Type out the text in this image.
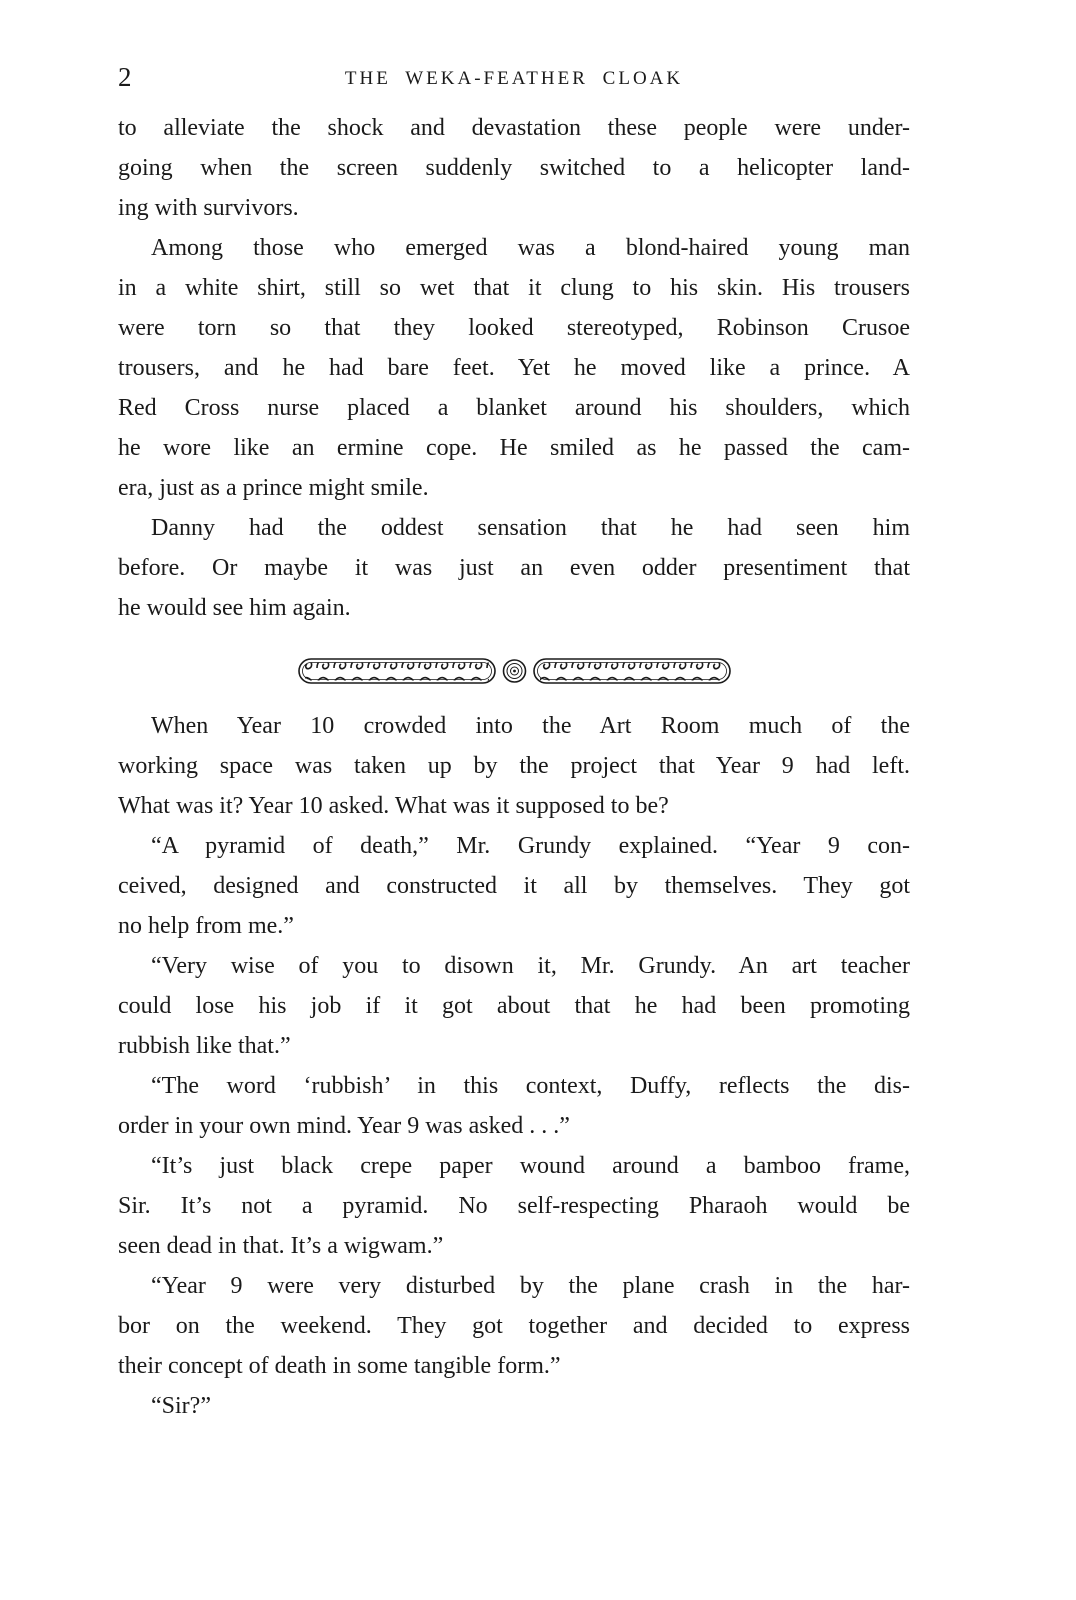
2	THE WEKA-FEATHER CLOAK
to alleviate the shock and devastation these people were under-
going when the screen suddenly switched to a helicopter land-
ing with survivors.
Among those who emerged was a blond-haired young man
in a white shirt, still so wet that it clung to his skin. His trousers
were torn so that they looked stereotyped, Robinson Crusoe
trousers, and he had bare feet. Yet he moved like a prince. A
Red Cross nurse placed a blanket around his shoulders, which
he wore like an ermine cope. He smiled as he passed the cam-
era, just as a prince might smile.
Danny had the oddest sensation that he had seen him
before. Or maybe it was just an even odder presentiment that
he would see him again.
When Year 10 crowded into the Art Room much of the
working space was taken up by the project that Year 9 had left.
What was it? Year 10 asked. What was it supposed to be?
“A pyramid of death,” Mr. Grundy explained. “Year 9 con-
ceived, designed and constructed it all by themselves. They got
no help from me.”
“Very wise of you to disown it, Mr. Grundy. An art teacher
could lose his job if it got about that he had been promoting
rubbish like that.”
“The word ‘rubbish’ in this context, Duffy, reflects the dis-
order in your own mind. Year 9 was asked . . .”
“It’s just black crepe paper wound around a bamboo frame,
Sir. It’s not a pyramid. No self-respecting Pharaoh would be
seen dead in that. It’s a wigwam.”
“Year 9 were very disturbed by the plane crash in the har-
bor on the weekend. They got together and decided to express
their concept of death in some tangible form.”
“Sir?”
